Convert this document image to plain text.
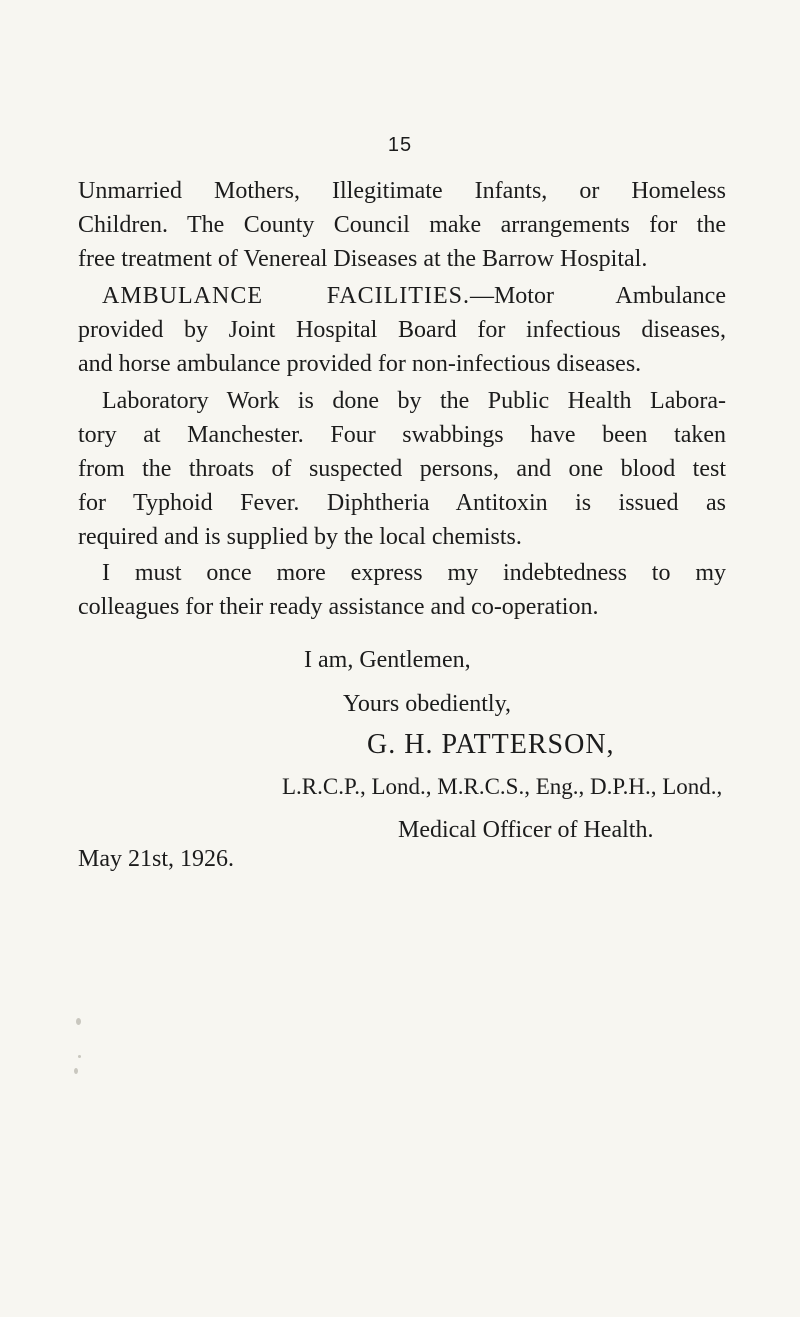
15

Unmarried Mothers, Illegitimate Infants, or Homeless
Children. The County Council make arrangements for the
free treatment of Venereal Diseases at the Barrow Hospital.

AMBULANCE FACILITIES.—Motor Ambulance
provided by Joint Hospital Board for infectious diseases,
and horse ambulance provided for non-infectious diseases.

Laboratory Work is done by the Public Health Labora-
tory at Manchester. Four swabbings have been taken
from the throats of suspected persons, and one blood test
for Typhoid Fever. Diphtheria Antitoxin is issued as
required and is supplied by the local chemists.

I must once more express my indebtedness to my
colleagues for their ready assistance and co-operation.

I am, Gentlemen,
Yours obediently,
G. H. PATTERSON,
L.R.C.P., Lond., M.R.C.S., Eng., D.P.H., Lond.,
Medical Officer of Health.
May 21st, 1926.
